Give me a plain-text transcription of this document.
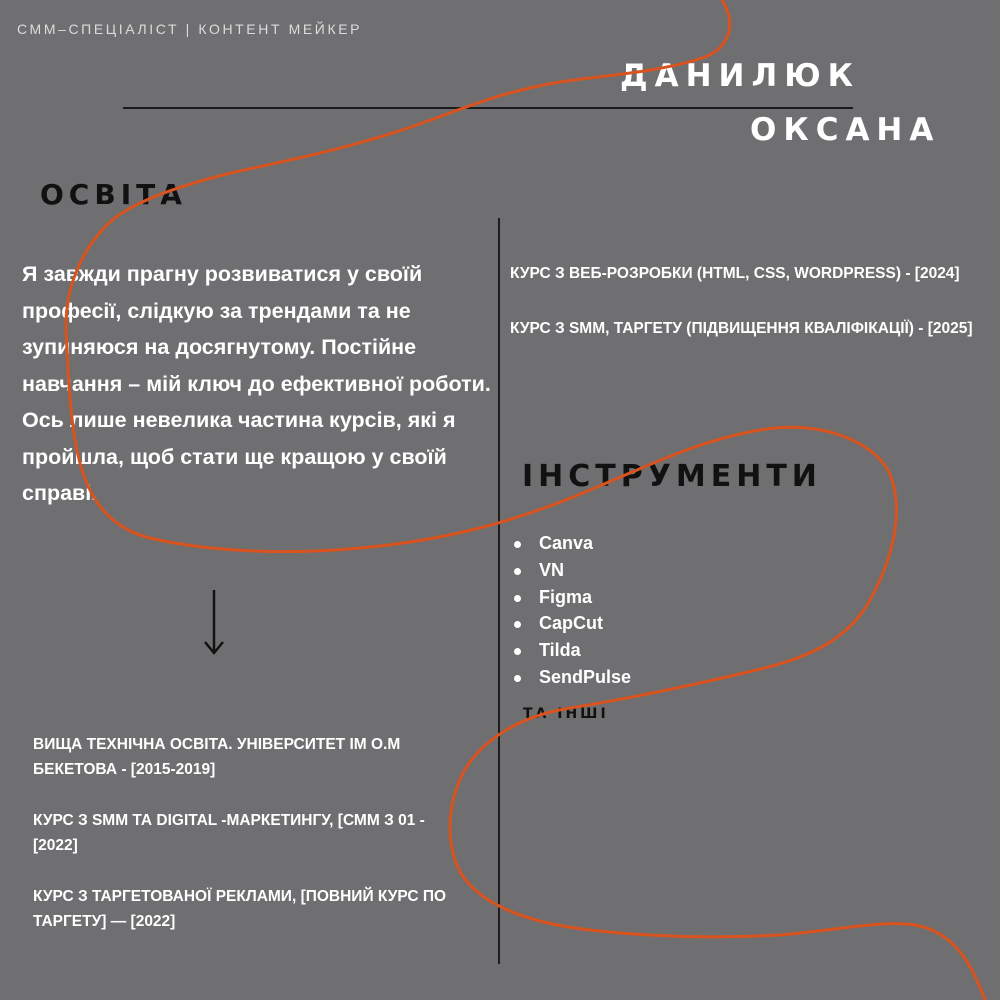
СММ–СПЕЦІАЛІСТ | КОНТЕНТ МЕЙКЕР
ДАНИЛЮК
ОКСАНА
ОСВІТА
Я завжди прагну розвиватися у своїй професії, слідкую за трендами та не зупиняюся на досягнутому. Постійне навчання – мій ключ до ефективної роботи. Ось лише невелика частина курсів, які я пройшла, щоб стати ще кращою у своїй справі.
ВИЩА ТЕХНІЧНА ОСВІТА. УНІВЕРСИТЕТ ІМ О.М БЕКЕТОВА - [2015-2019]
КУРС З SMM ТА DIGITAL -МАРКЕТИНГУ, [СММ З 01 - [2022]
КУРС З ТАРГЕТОВАНОЇ РЕКЛАМИ, [ПОВНИЙ КУРС ПО ТАРГЕТУ] — [2022]
КУРС З ВЕБ-РОЗРОБКИ (HTML, CSS, WORDPRESS) - [2024]
КУРС З SMM, ТАРГЕТУ (ПІДВИЩЕННЯ КВАЛІФIКАЦІЇ) - [2025]
ІНСТРУМЕНТИ
Canva
VN
Figma
CapCut
Tilda
SendPulse
ТА ІНШІ
